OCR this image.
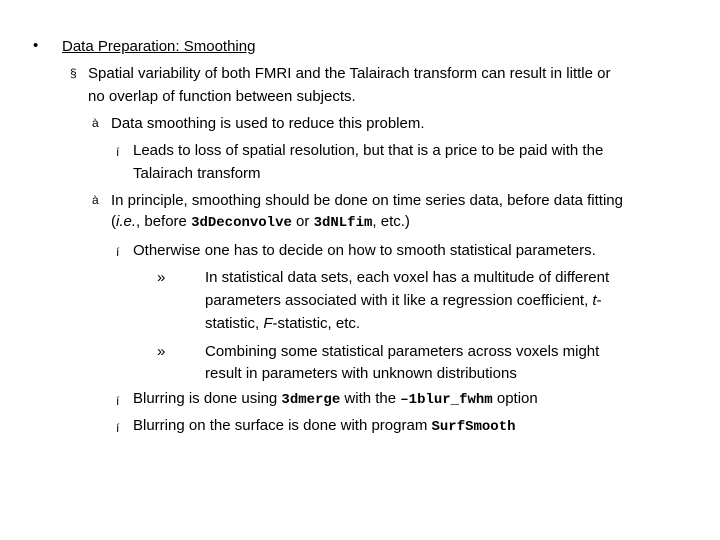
• Data Preparation: Smoothing
§ Spatial variability of both FMRI and the Talairach transform can result in little or
no overlap of function between subjects.
à Data smoothing is used to reduce this problem.
í Leads to loss of spatial resolution, but that is a price to be paid with the
Talairach transform
à In principle, smoothing should be done on time series data, before data fitting
(i.e., before 3dDeconvolve or 3dNLfim, etc.)
í Otherwise one has to decide on how to smooth statistical parameters.
»	In statistical data sets, each voxel has a multitude of different
parameters associated with it like a regression coefficient, t-
statistic, F-statistic, etc.
»	Combining some statistical parameters across voxels might
result in parameters with unknown distributions
í Blurring is done using 3dmerge with the –1blur_fwhm option
í Blurring on the surface is done with program SurfSmooth
